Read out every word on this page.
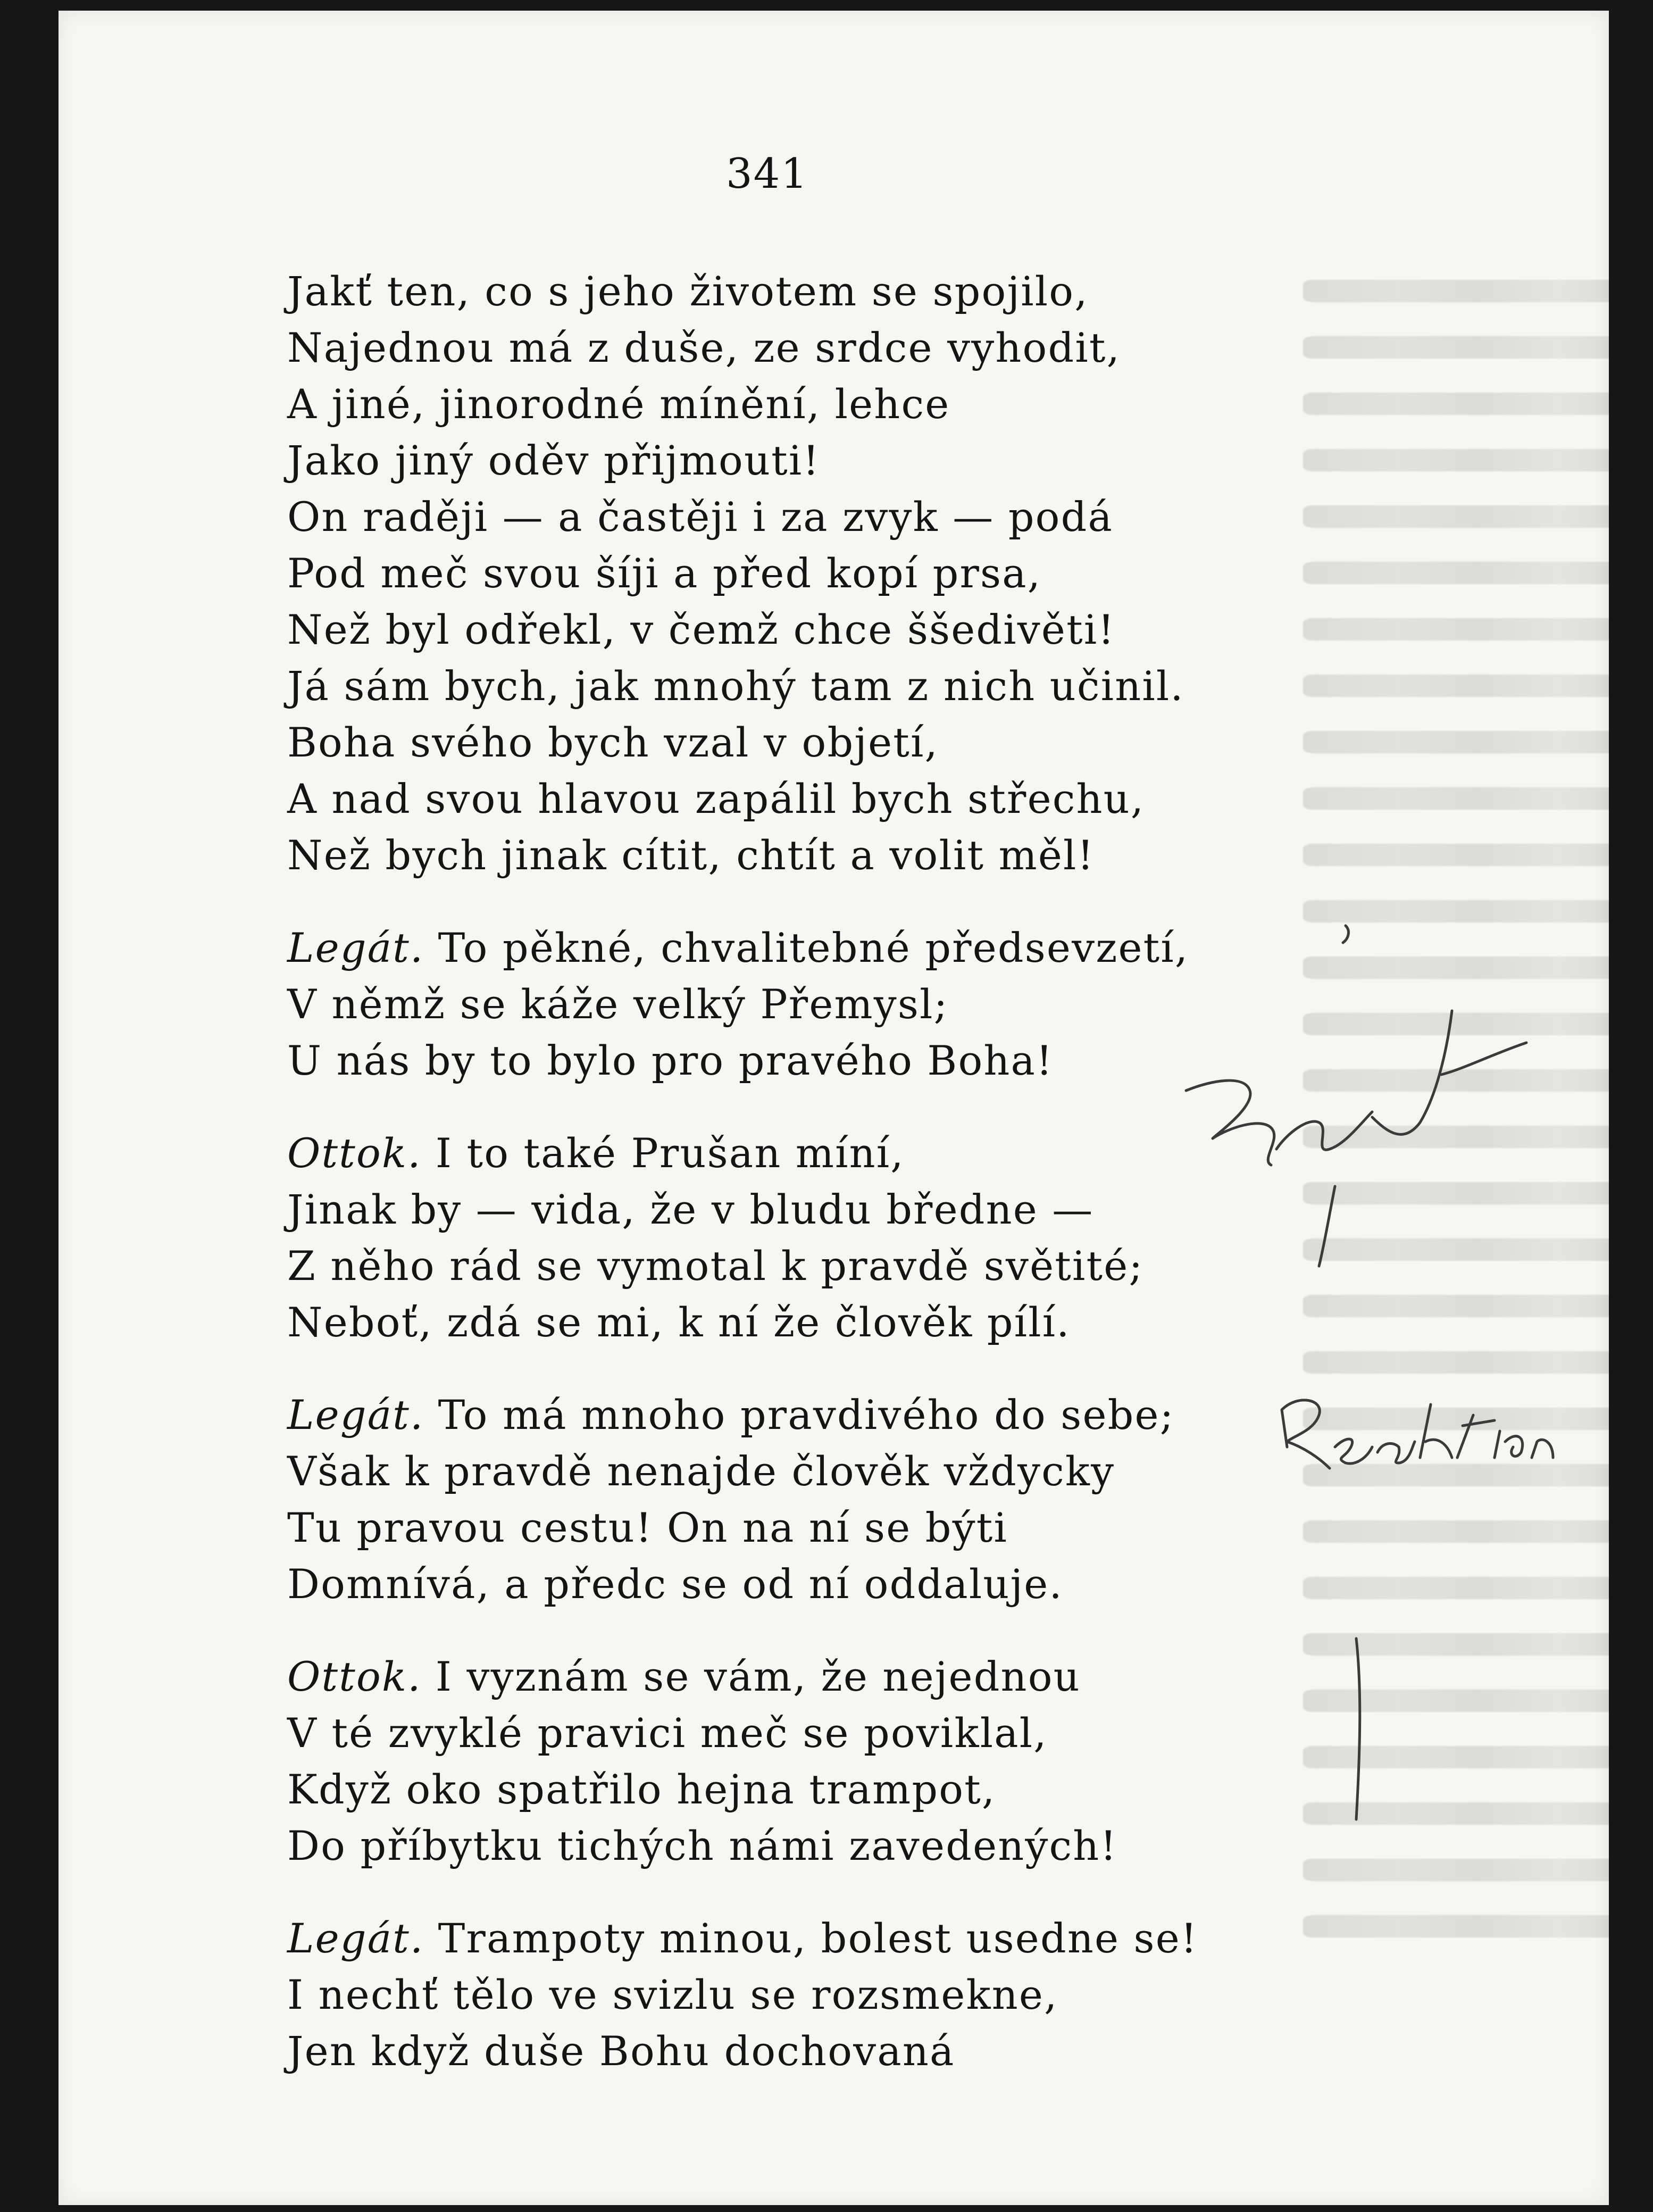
341
Jakť ten, co s jeho životem se spojilo,
Najednou má z duše, ze srdce vyhodit,
A jiné, jinorodné mínění, lehce
Jako jiný oděv přijmouti!
On raději — a častěji i za zvyk — podá
Pod meč svou šíji a před kopí prsa,
Než byl odřekl, v čemž chce ššedivěti!
Já sám bych, jak mnohý tam z nich učinil.
Boha svého bych vzal v objetí,
A nad svou hlavou zapálil bych střechu,
Než bych jinak cítit, chtít a volit měl!
Legát. To pěkné, chvalitebné předsevzetí,
V němž se káže velký Přemysl;
U nás by to bylo pro pravého Boha!
Ottok. I to také Prušan míní,
Jinak by — vida, že v bludu bředne —
Z něho rád se vymotal k pravdě světité;
Neboť, zdá se mi, k ní že člověk pílí.
Legát. To má mnoho pravdivého do sebe;
Však k pravdě nenajde člověk vždycky
Tu pravou cestu! On na ní se býti
Domnívá, a předc se od ní oddaluje.
Ottok. I vyznám se vám, že nejednou
V té zvyklé pravici meč se poviklal,
Když oko spatřilo hejna trampot,
Do příbytku tichých námi zavedených!
Legát. Trampoty minou, bolest usedne se!
I nechť tělo ve svizlu se rozsmekne,
Jen když duše Bohu dochovaná
